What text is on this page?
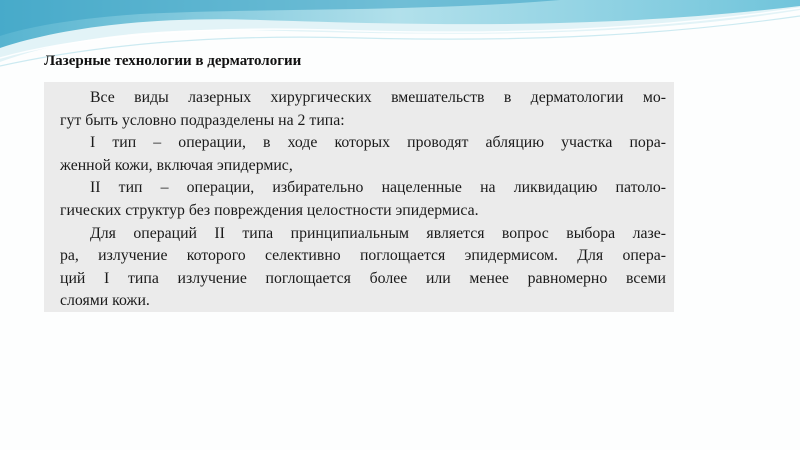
Лазерные технологии в дерматологии

Все виды лазерных хирургических вмешательств в дерматологии мо-

гут быть условно подразделены на 2 типа:

I тип – операции, в ходе которых проводят абляцию участка пора-

женной кожи, включая эпидермис,

II тип – операции, избирательно нацеленные на ликвидацию патоло-

гических структур без повреждения целостности эпидермиса.

Для операций II типа принципиальным является вопрос выбора лазе-

ра, излучение которого селективно поглощается эпидермисом. Для опера-

ций I типа излучение поглощается более или менее равномерно всеми

слоями кожи.
